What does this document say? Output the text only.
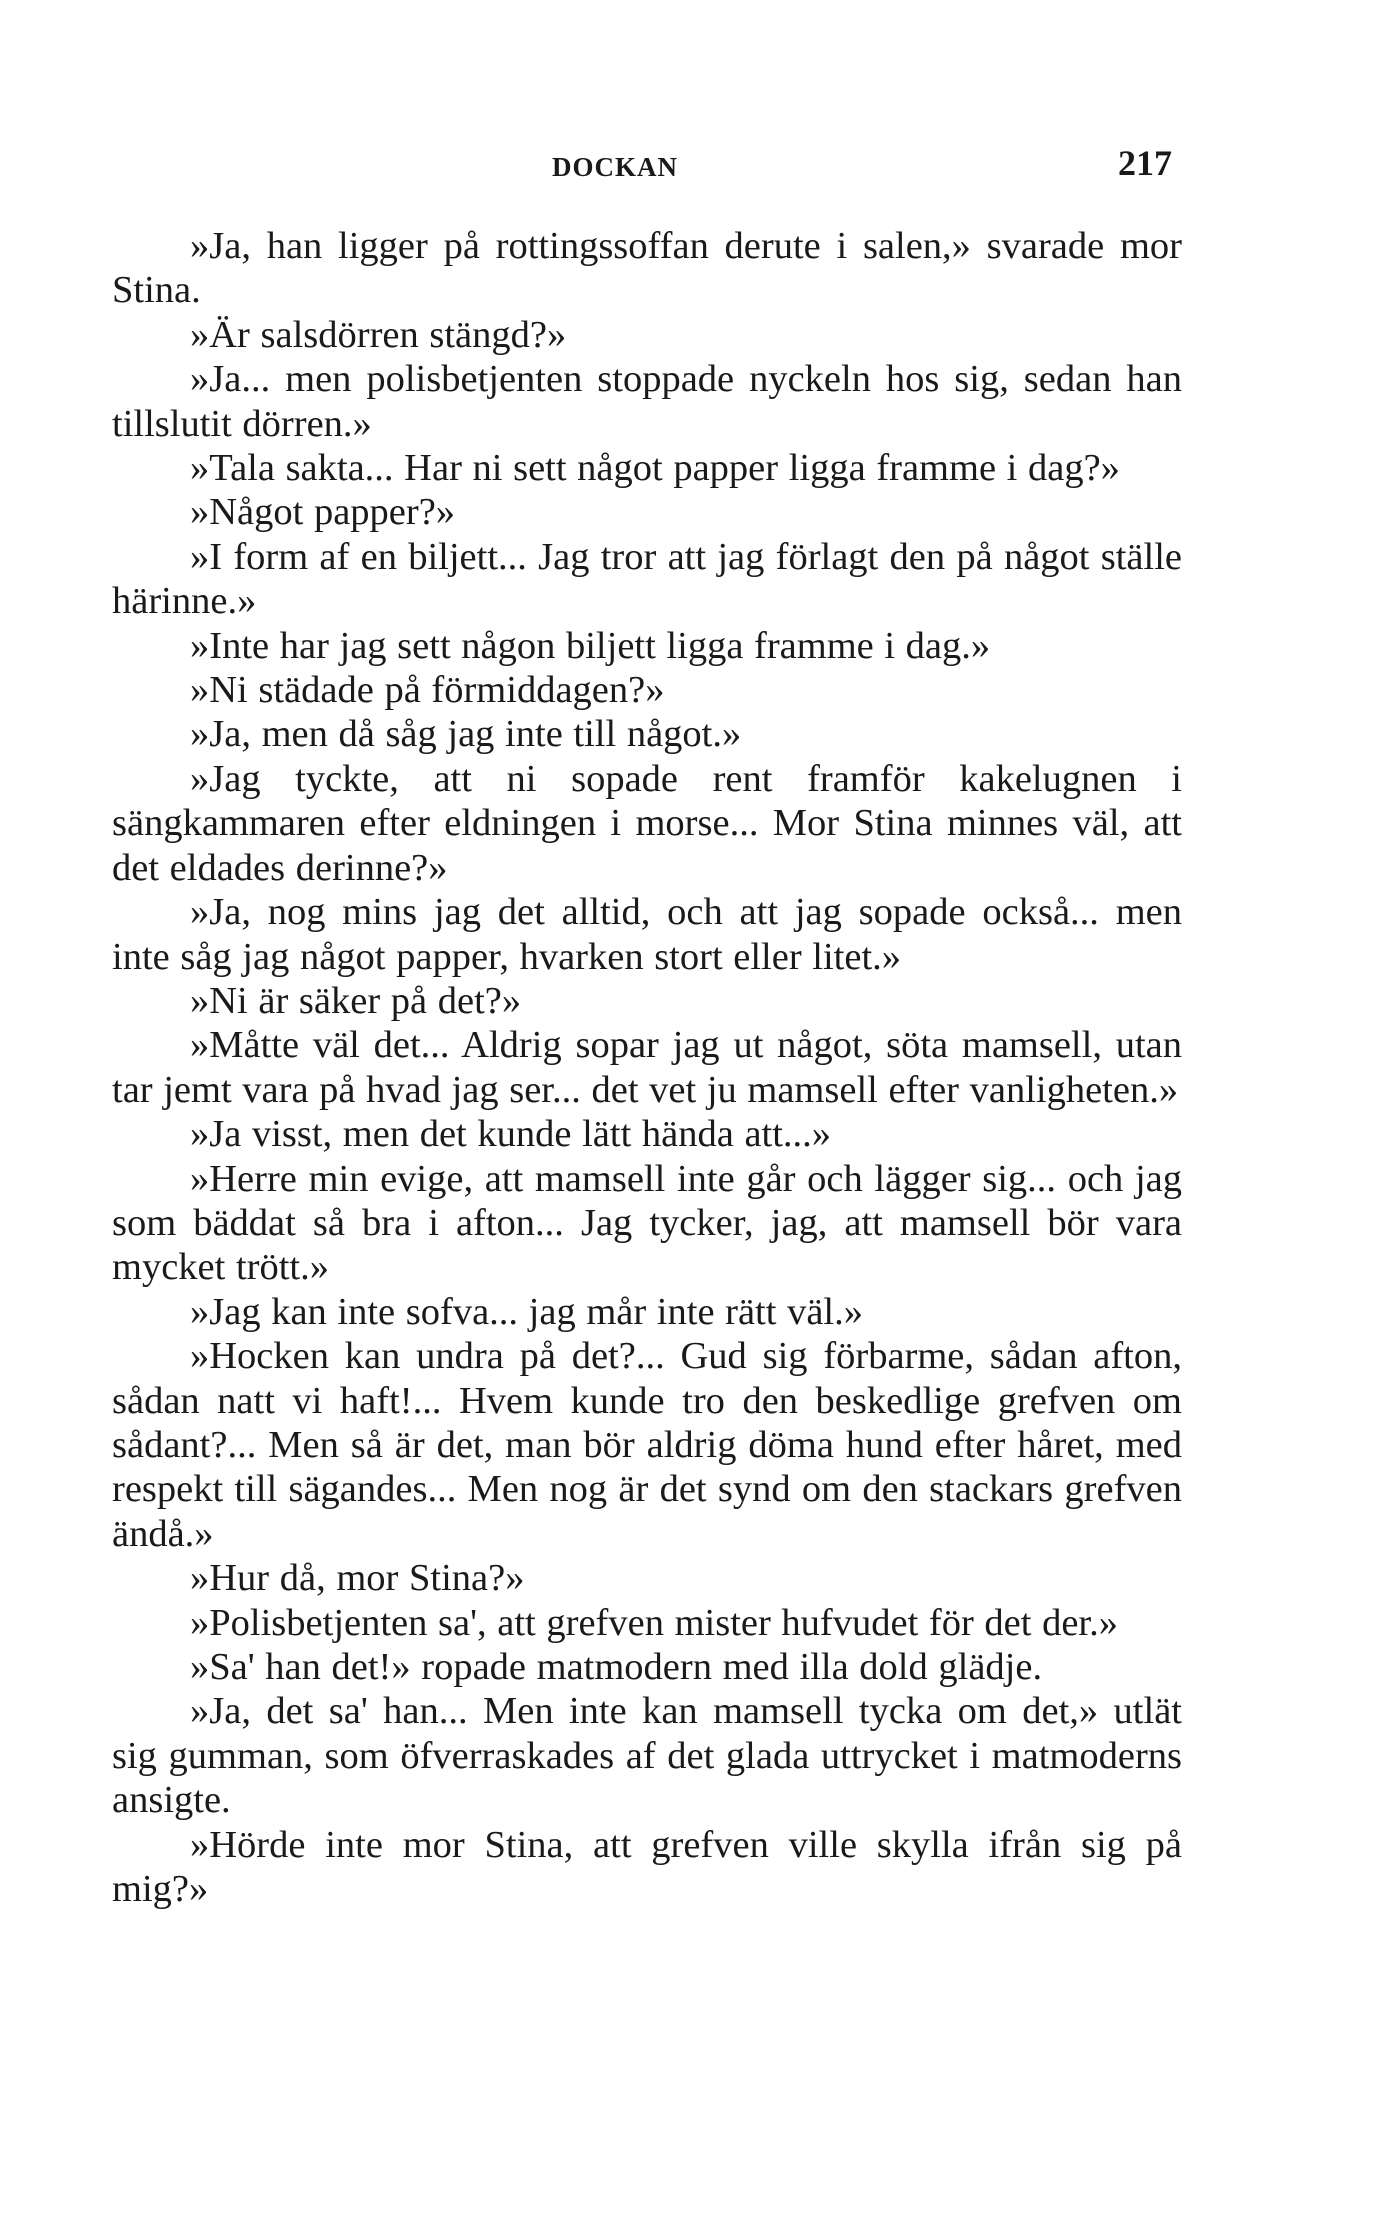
DOCKAN	217

»Ja, han ligger på rottingssoffan derute i salen,» svarade mor Stina.

»Är salsdörren stängd?»

»Ja... men polisbetjenten stoppade nyckeln hos sig, sedan han tillslutit dörren.»

»Tala sakta... Har ni sett något papper ligga framme i dag?»

»Något papper?»

»I form af en biljett... Jag tror att jag förlagt den på något ställe härinne.»

»Inte har jag sett någon biljett ligga framme i dag.»

»Ni städade på förmiddagen?»

»Ja, men då såg jag inte till något.»

»Jag tyckte, att ni sopade rent framför kakelugnen i sängkammaren efter eldningen i morse... Mor Stina minnes väl, att det eldades derinne?»

»Ja, nog mins jag det alltid, och att jag sopade också... men inte såg jag något papper, hvarken stort eller litet.»

»Ni är säker på det?»

»Måtte väl det... Aldrig sopar jag ut något, söta mamsell, utan tar jemt vara på hvad jag ser... det vet ju mamsell efter vanligheten.»

»Ja visst, men det kunde lätt hända att...»

»Herre min evige, att mamsell inte går och lägger sig... och jag som bäddat så bra i afton... Jag tycker, jag, att mamsell bör vara mycket trött.»

»Jag kan inte sofva... jag mår inte rätt väl.»

»Hocken kan undra på det?... Gud sig förbarme, sådan afton, sådan natt vi haft!... Hvem kunde tro den beskedlige grefven om sådant?... Men så är det, man bör aldrig döma hund efter håret, med respekt till sägandes... Men nog är det synd om den stackars grefven ändå.»

»Hur då, mor Stina?»

»Polisbetjenten sa', att grefven mister hufvudet för det der.»

»Sa' han det!» ropade matmodern med illa dold glädje.

»Ja, det sa' han... Men inte kan mamsell tycka om det,» utlät sig gumman, som öfverraskades af det glada uttrycket i matmoderns ansigte.

»Hörde inte mor Stina, att grefven ville skylla ifrån sig på mig?»
